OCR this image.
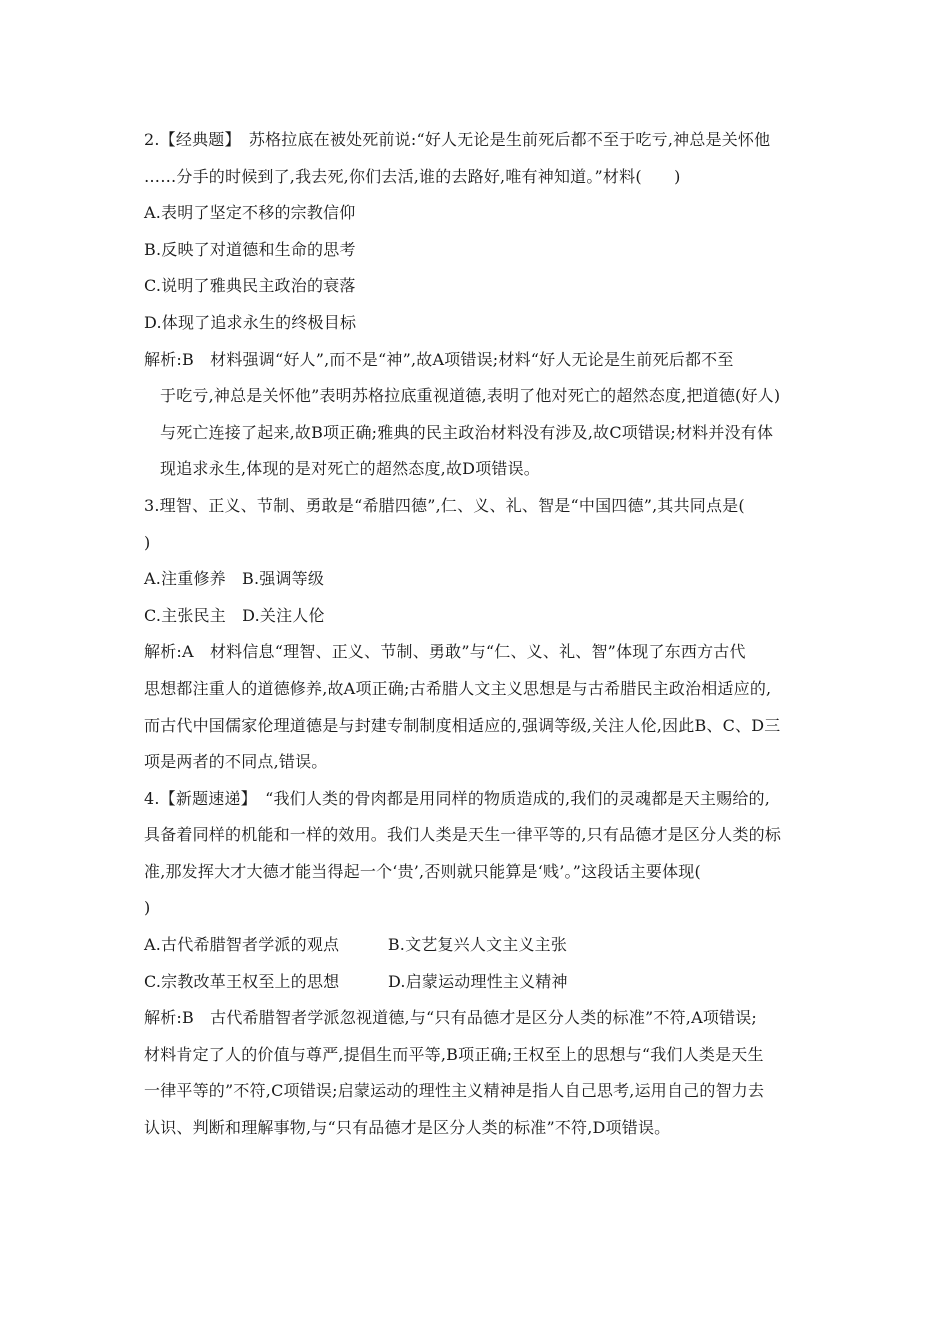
2.【经典题】　苏格拉底在被处死前说:“好人无论是生前死后都不至于吃亏,神总是关怀他
……分手的时候到了,我去死,你们去活,谁的去路好,唯有神知道。”材料(　　)
A.表明了坚定不移的宗教信仰
B.反映了对道德和生命的思考
C.说明了雅典民主政治的衰落
D.体现了追求永生的终极目标
解析:B　材料强调“好人”,而不是“神”,故A项错误;材料“好人无论是生前死后都不至
于吃亏,神总是关怀他”表明苏格拉底重视道德,表明了他对死亡的超然态度,把道德(好人)
与死亡连接了起来,故B项正确;雅典的民主政治材料没有涉及,故C项错误;材料并没有体
现追求永生,体现的是对死亡的超然态度,故D项错误。
3.理智、正义、节制、勇敢是“希腊四德”,仁、义、礼、智是“中国四德”,其共同点是(
)
A.注重修养　B.强调等级
C.主张民主　D.关注人伦
解析:A　材料信息“理智、正义、节制、勇敢”与“仁、义、礼、智”体现了东西方古代
思想都注重人的道德修养,故A项正确;古希腊人文主义思想是与古希腊民主政治相适应的,
而古代中国儒家伦理道德是与封建专制制度相适应的,强调等级,关注人伦,因此B、C、D三
项是两者的不同点,错误。
4.【新题速递】　“我们人类的骨肉都是用同样的物质造成的,我们的灵魂都是天主赐给的,
具备着同样的机能和一样的效用。我们人类是天生一律平等的,只有品德才是区分人类的标
准,那发挥大才大德才能当得起一个‘贵’,否则就只能算是‘贱’。”这段话主要体现(
)
A.古代希腊智者学派的观点　　　B.文艺复兴人文主义主张
C.宗教改革王权至上的思想　　　D.启蒙运动理性主义精神
解析:B　古代希腊智者学派忽视道德,与“只有品德才是区分人类的标准”不符,A项错误;
材料肯定了人的价值与尊严,提倡生而平等,B项正确;王权至上的思想与“我们人类是天生
一律平等的”不符,C项错误;启蒙运动的理性主义精神是指人自己思考,运用自己的智力去
认识、判断和理解事物,与“只有品德才是区分人类的标准”不符,D项错误。
